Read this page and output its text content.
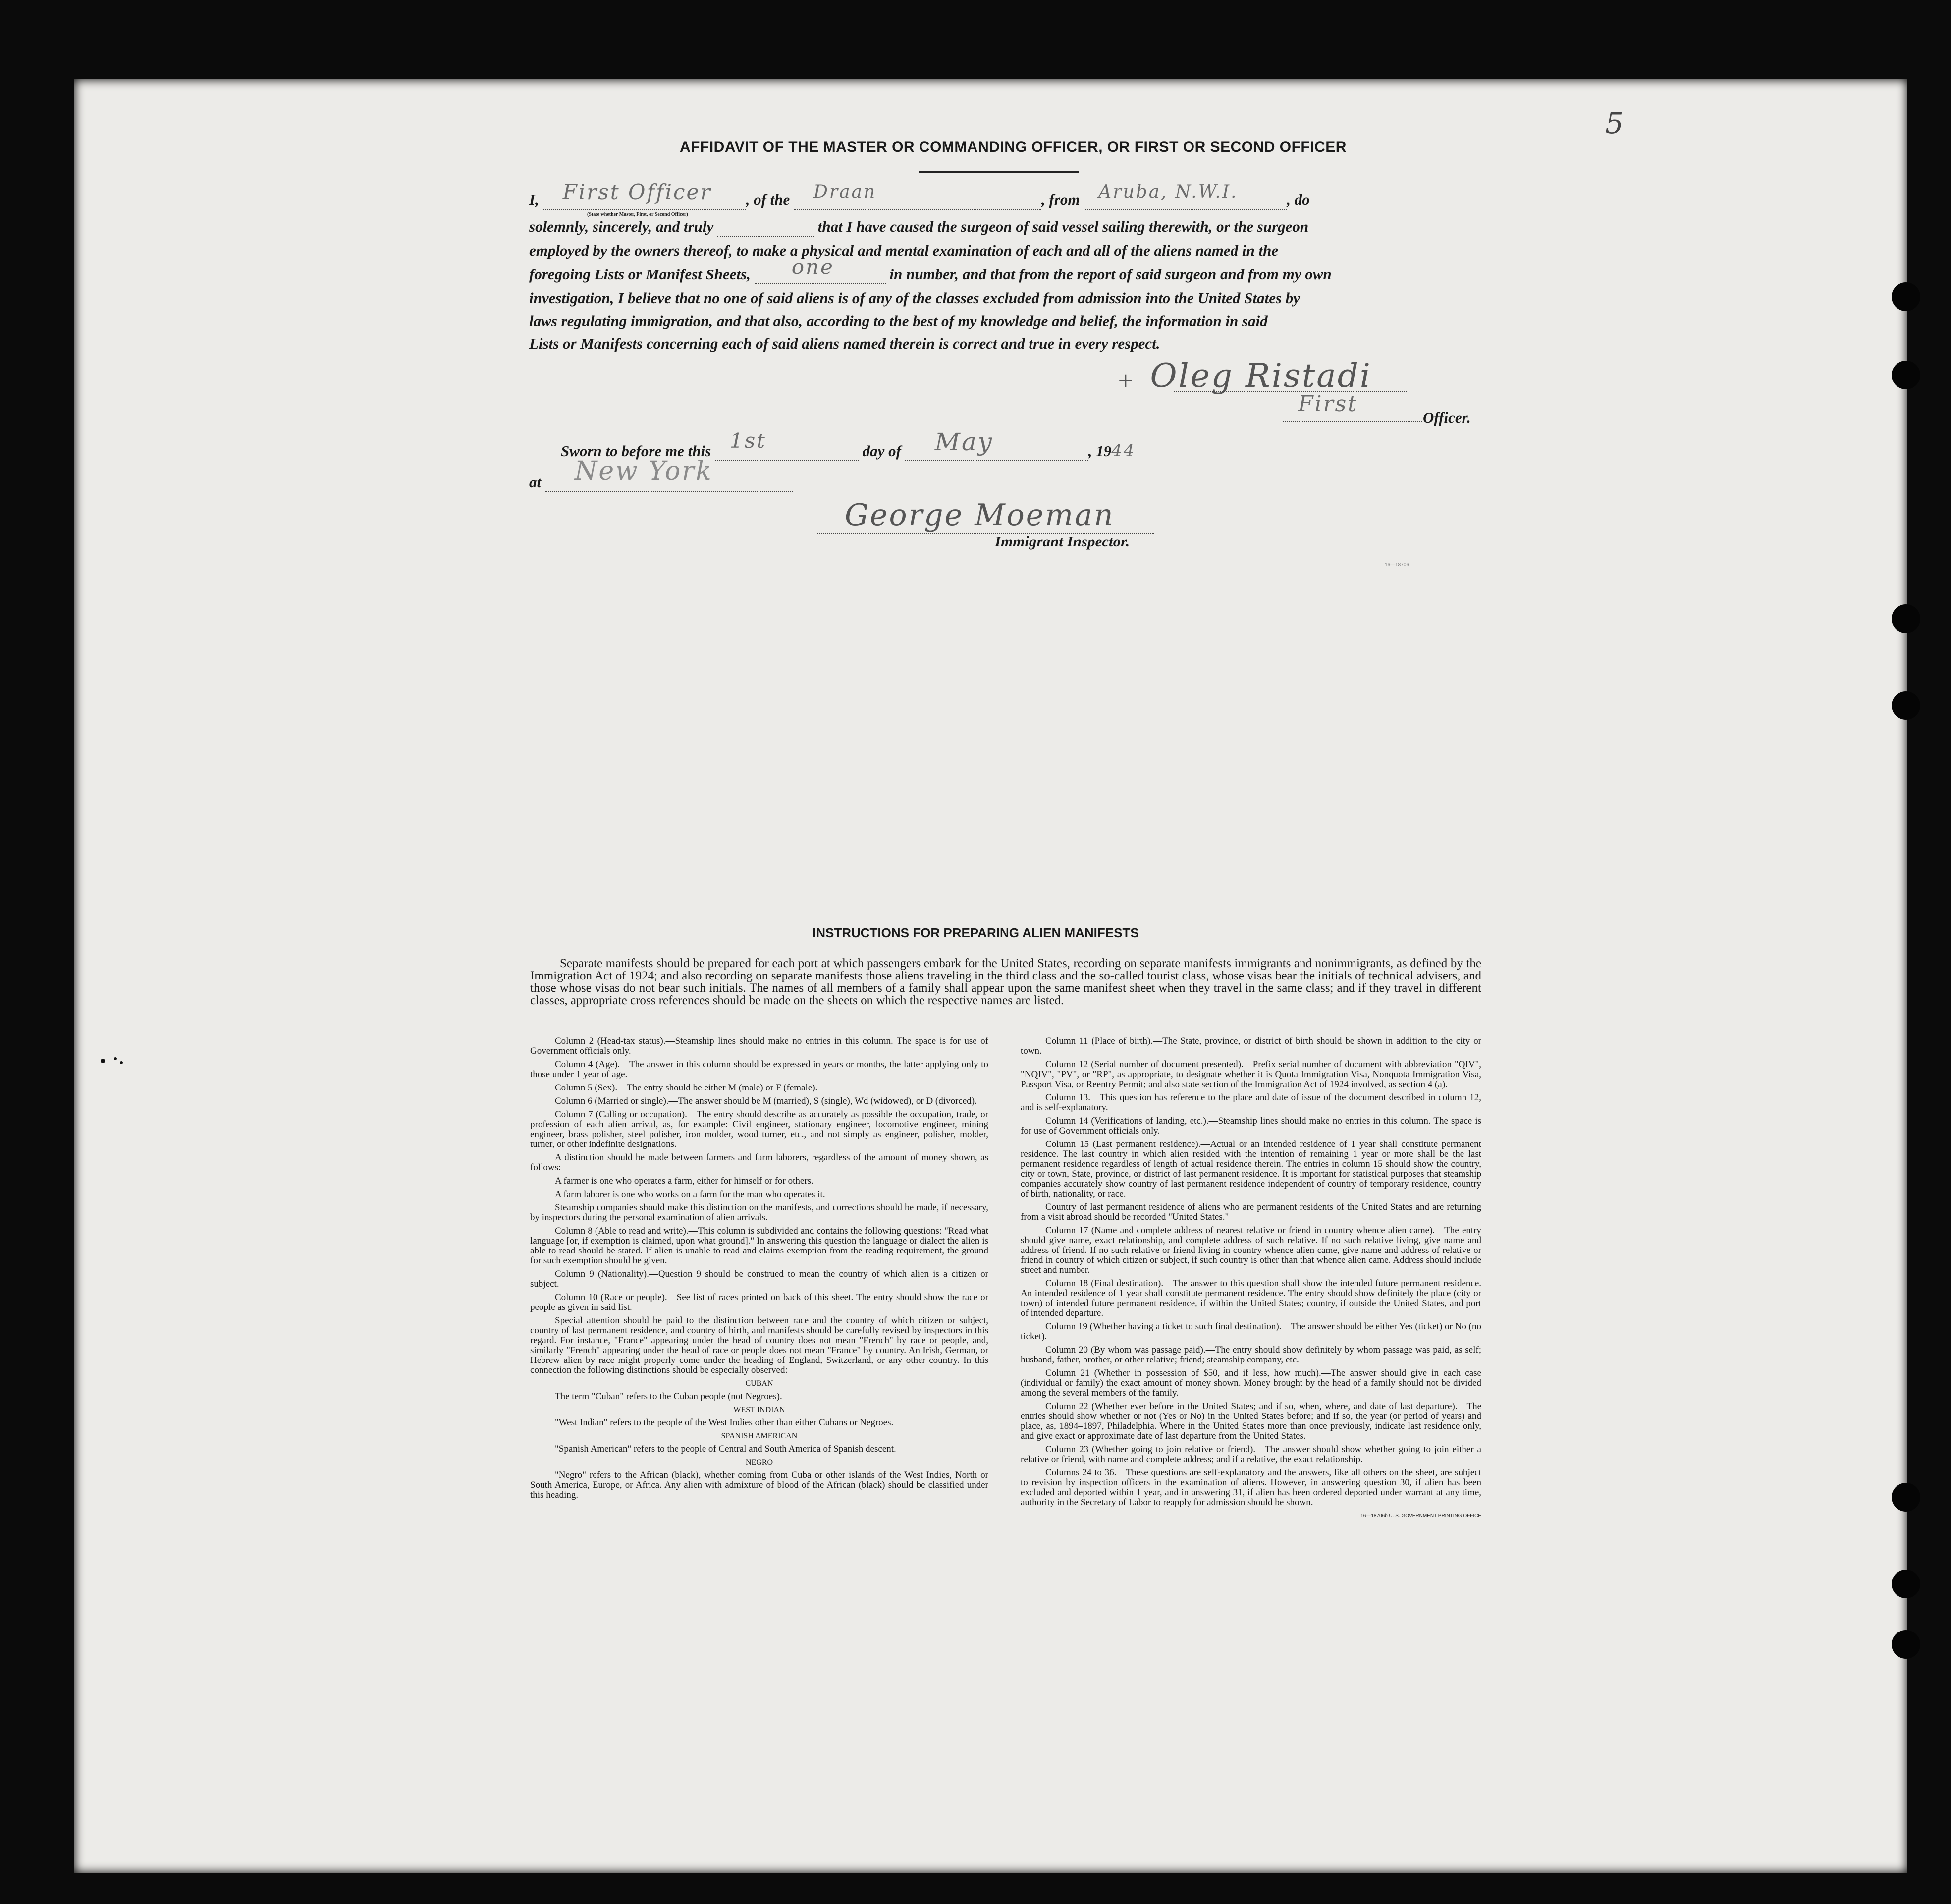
5
AFFIDAVIT OF THE MASTER OR COMMANDING OFFICER, OR FIRST OR SECOND OFFICER
I, First Officer , of the Draan	, from Aruba, N.W.I.	, do
(State whether Master, First, or Second Officer)
solemnly, sincerely, and truly	that I have caused the surgeon of said vessel sailing therewith, or the surgeon
employed by the owners thereof, to make a physical and mental examination of each and all of the aliens named in the
foregoing Lists or Manifest Sheets, one	in number, and that from the report of said surgeon and from my own
investigation, I believe that no one of said aliens is of any of the classes excluded from admission into the United States by
laws regulating immigration, and that also, according to the best of my knowledge and belief, the information in said
Lists or Manifests concerning each of said aliens named therein is correct and true in every respect.
+ Oleg Ristadi
First
Officer.
Sworn to before me this 1st	day of May	, 1944
at New York

George Moeman
Immigrant Inspector.
16—18706
INSTRUCTIONS FOR PREPARING ALIEN MANIFESTS
Separate manifests should be prepared for each port at which passengers embark for the United States, recording on separate manifests immigrants and nonimmigrants, as defined by the Immigration Act of 1924; and also recording on separate manifests those aliens traveling in the third class and the so-called tourist class, whose visas bear the initials of technical advisers, and those whose visas do not bear such initials. The names of all members of a family shall appear upon the same manifest sheet when they travel in the same class; and if they travel in different classes, appropriate cross references should be made on the sheets on which the respective names are listed.

Column 2 (Head-tax status).—Steamship lines should make no entries in this column. The space is for use of Government officials only.

Column 4 (Age).—The answer in this column should be expressed in years or months, the latter applying only to those under 1 year of age.

Column 5 (Sex).—The entry should be either M (male) or F (female).

Column 6 (Married or single).—The answer should be M (married), S (single), Wd (widowed), or D (divorced).

Column 7 (Calling or occupation).—The entry should describe as accurately as possible the occupation, trade, or profession of each alien arrival, as, for example: Civil engineer, stationary engineer, locomotive engineer, mining engineer, brass polisher, steel polisher, iron molder, wood turner, etc., and not simply as engineer, polisher, molder, turner, or other indefinite designations.

A distinction should be made between farmers and farm laborers, regardless of the amount of money shown, as follows:

A farmer is one who operates a farm, either for himself or for others.

A farm laborer is one who works on a farm for the man who operates it.

Steamship companies should make this distinction on the manifests, and corrections should be made, if necessary, by inspectors during the personal examination of alien arrivals.

Column 8 (Able to read and write).—This column is subdivided and contains the following questions: "Read what language [or, if exemption is claimed, upon what ground]." In answering this question the language or dialect the alien is able to read should be stated. If alien is unable to read and claims exemption from the reading requirement, the ground for such exemption should be given.

Column 9 (Nationality).—Question 9 should be construed to mean the country of which alien is a citizen or subject.

Column 10 (Race or people).—See list of races printed on back of this sheet. The entry should show the race or people as given in said list.

Special attention should be paid to the distinction between race and the country of which citizen or subject, country of last permanent residence, and country of birth, and manifests should be carefully revised by inspectors in this regard. For instance, "France" appearing under the head of country does not mean "French" by race or people, and, similarly "French" appearing under the head of race or people does not mean "France" by country. An Irish, German, or Hebrew alien by race might properly come under the heading of England, Switzerland, or any other country. In this connection the following distinctions should be especially observed:

CUBAN

The term "Cuban" refers to the Cuban people (not Negroes).

WEST INDIAN

"West Indian" refers to the people of the West Indies other than either Cubans or Negroes.

SPANISH AMERICAN

"Spanish American" refers to the people of Central and South America of Spanish descent.

NEGRO

"Negro" refers to the African (black), whether coming from Cuba or other islands of the West Indies, North or South America, Europe, or Africa. Any alien with admixture of blood of the African (black) should be classified under this heading.

Column 11 (Place of birth).—The State, province, or district of birth should be shown in addition to the city or town.

Column 12 (Serial number of document presented).—Prefix serial number of document with abbreviation "QIV", "NQIV", "PV", or "RP", as appropriate, to designate whether it is Quota Immigration Visa, Nonquota Immigration Visa, Passport Visa, or Reentry Permit; and also state section of the Immigration Act of 1924 involved, as section 4 (a).

Column 13.—This question has reference to the place and date of issue of the document described in column 12, and is self-explanatory.

Column 14 (Verifications of landing, etc.).—Steamship lines should make no entries in this column. The space is for use of Government officials only.

Column 15 (Last permanent residence).—Actual or an intended residence of 1 year shall constitute permanent residence. The last country in which alien resided with the intention of remaining 1 year or more shall be the last permanent residence regardless of length of actual residence therein. The entries in column 15 should show the country, city or town, State, province, or district of last permanent residence. It is important for statistical purposes that steamship companies accurately show country of last permanent residence independent of country of temporary residence, country of birth, nationality, or race.

Country of last permanent residence of aliens who are permanent residents of the United States and are returning from a visit abroad should be recorded "United States."

Column 17 (Name and complete address of nearest relative or friend in country whence alien came).—The entry should give name, exact relationship, and complete address of such relative. If no such relative living, give name and address of friend. If no such relative or friend living in country whence alien came, give name and address of relative or friend in country of which citizen or subject, if such country is other than that whence alien came. Address should include street and number.

Column 18 (Final destination).—The answer to this question shall show the intended future permanent residence. An intended residence of 1 year shall constitute permanent residence. The entry should show definitely the place (city or town) of intended future permanent residence, if within the United States; country, if outside the United States, and port of intended departure.

Column 19 (Whether having a ticket to such final destination).—The answer should be either Yes (ticket) or No (no ticket).

Column 20 (By whom was passage paid).—The entry should show definitely by whom passage was paid, as self; husband, father, brother, or other relative; friend; steamship company, etc.

Column 21 (Whether in possession of $50, and if less, how much).—The answer should give in each case (individual or family) the exact amount of money shown. Money brought by the head of a family should not be divided among the several members of the family.

Column 22 (Whether ever before in the United States; and if so, when, where, and date of last departure).—The entries should show whether or not (Yes or No) in the United States before; and if so, the year (or period of years) and place, as, 1894–1897, Philadelphia. Where in the United States more than once previously, indicate last residence only, and give exact or approximate date of last departure from the United States.

Column 23 (Whether going to join relative or friend).—The answer should show whether going to join either a relative or friend, with name and complete address; and if a relative, the exact relationship.

Columns 24 to 36.—These questions are self-explanatory and the answers, like all others on the sheet, are subject to revision by inspection officers in the examination of aliens. However, in answering question 30, if alien has been excluded and deported within 1 year, and in answering 31, if alien has been ordered deported under warrant at any time, authority in the Secretary of Labor to reapply for admission should be shown.

16—18706b U. S. GOVERNMENT PRINTING OFFICE
